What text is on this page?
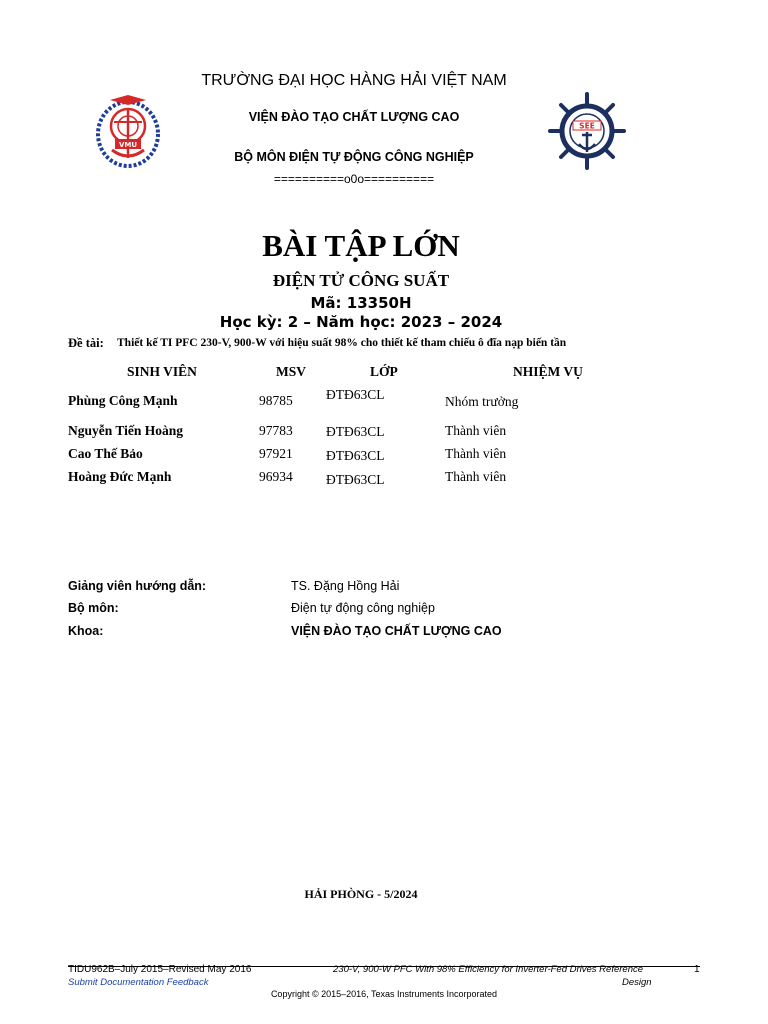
TRƯỜNG ĐẠI HỌC HÀNG HẢI VIỆT NAM
VIỆN ĐÀO TẠO CHẤT LƯỢNG CAO
BỘ MÔN ĐIỆN TỰ ĐỘNG CÔNG NGHIỆP
==========o0o==========
VMU
SEE
BÀI TẬP LỚN
ĐIỆN TỬ CÔNG SUẤT
Mã: 13350H
Học kỳ: 2 – Năm học: 2023 – 2024
Đề tài: Thiết kế TI PFC 230-V, 900-W với hiệu suất 98% cho thiết kế tham chiếu ô đĩa nạp biến tần
SINH VIÊN	MSV	LỚP	NHIỆM VỤ
Phùng Công Mạnh	98785 ĐTĐ63CL	Nhóm trưởng
Nguyễn Tiến Hoàng	97783 ĐTĐ63CL	Thành viên
Cao Thế Bảo	97921 ĐTĐ63CL	Thành viên
Hoàng Đức Mạnh	96934 ĐTĐ63CL	Thành viên
Giảng viên hướng dẫn:	TS. Đặng Hồng Hải
Bộ môn:	Điện tự động công nghiệp
Khoa:	VIỆN ĐÀO TẠO CHẤT LƯỢNG CAO
HẢI PHÒNG - 5/2024
TIDU962B–July 2015–Revised May 2016	230-V, 900-W PFC With 98% Efficiency for Inverter-Fed Drives Reference	1
Design
Submit Documentation Feedback
Copyright © 2015–2016, Texas Instruments Incorporated
